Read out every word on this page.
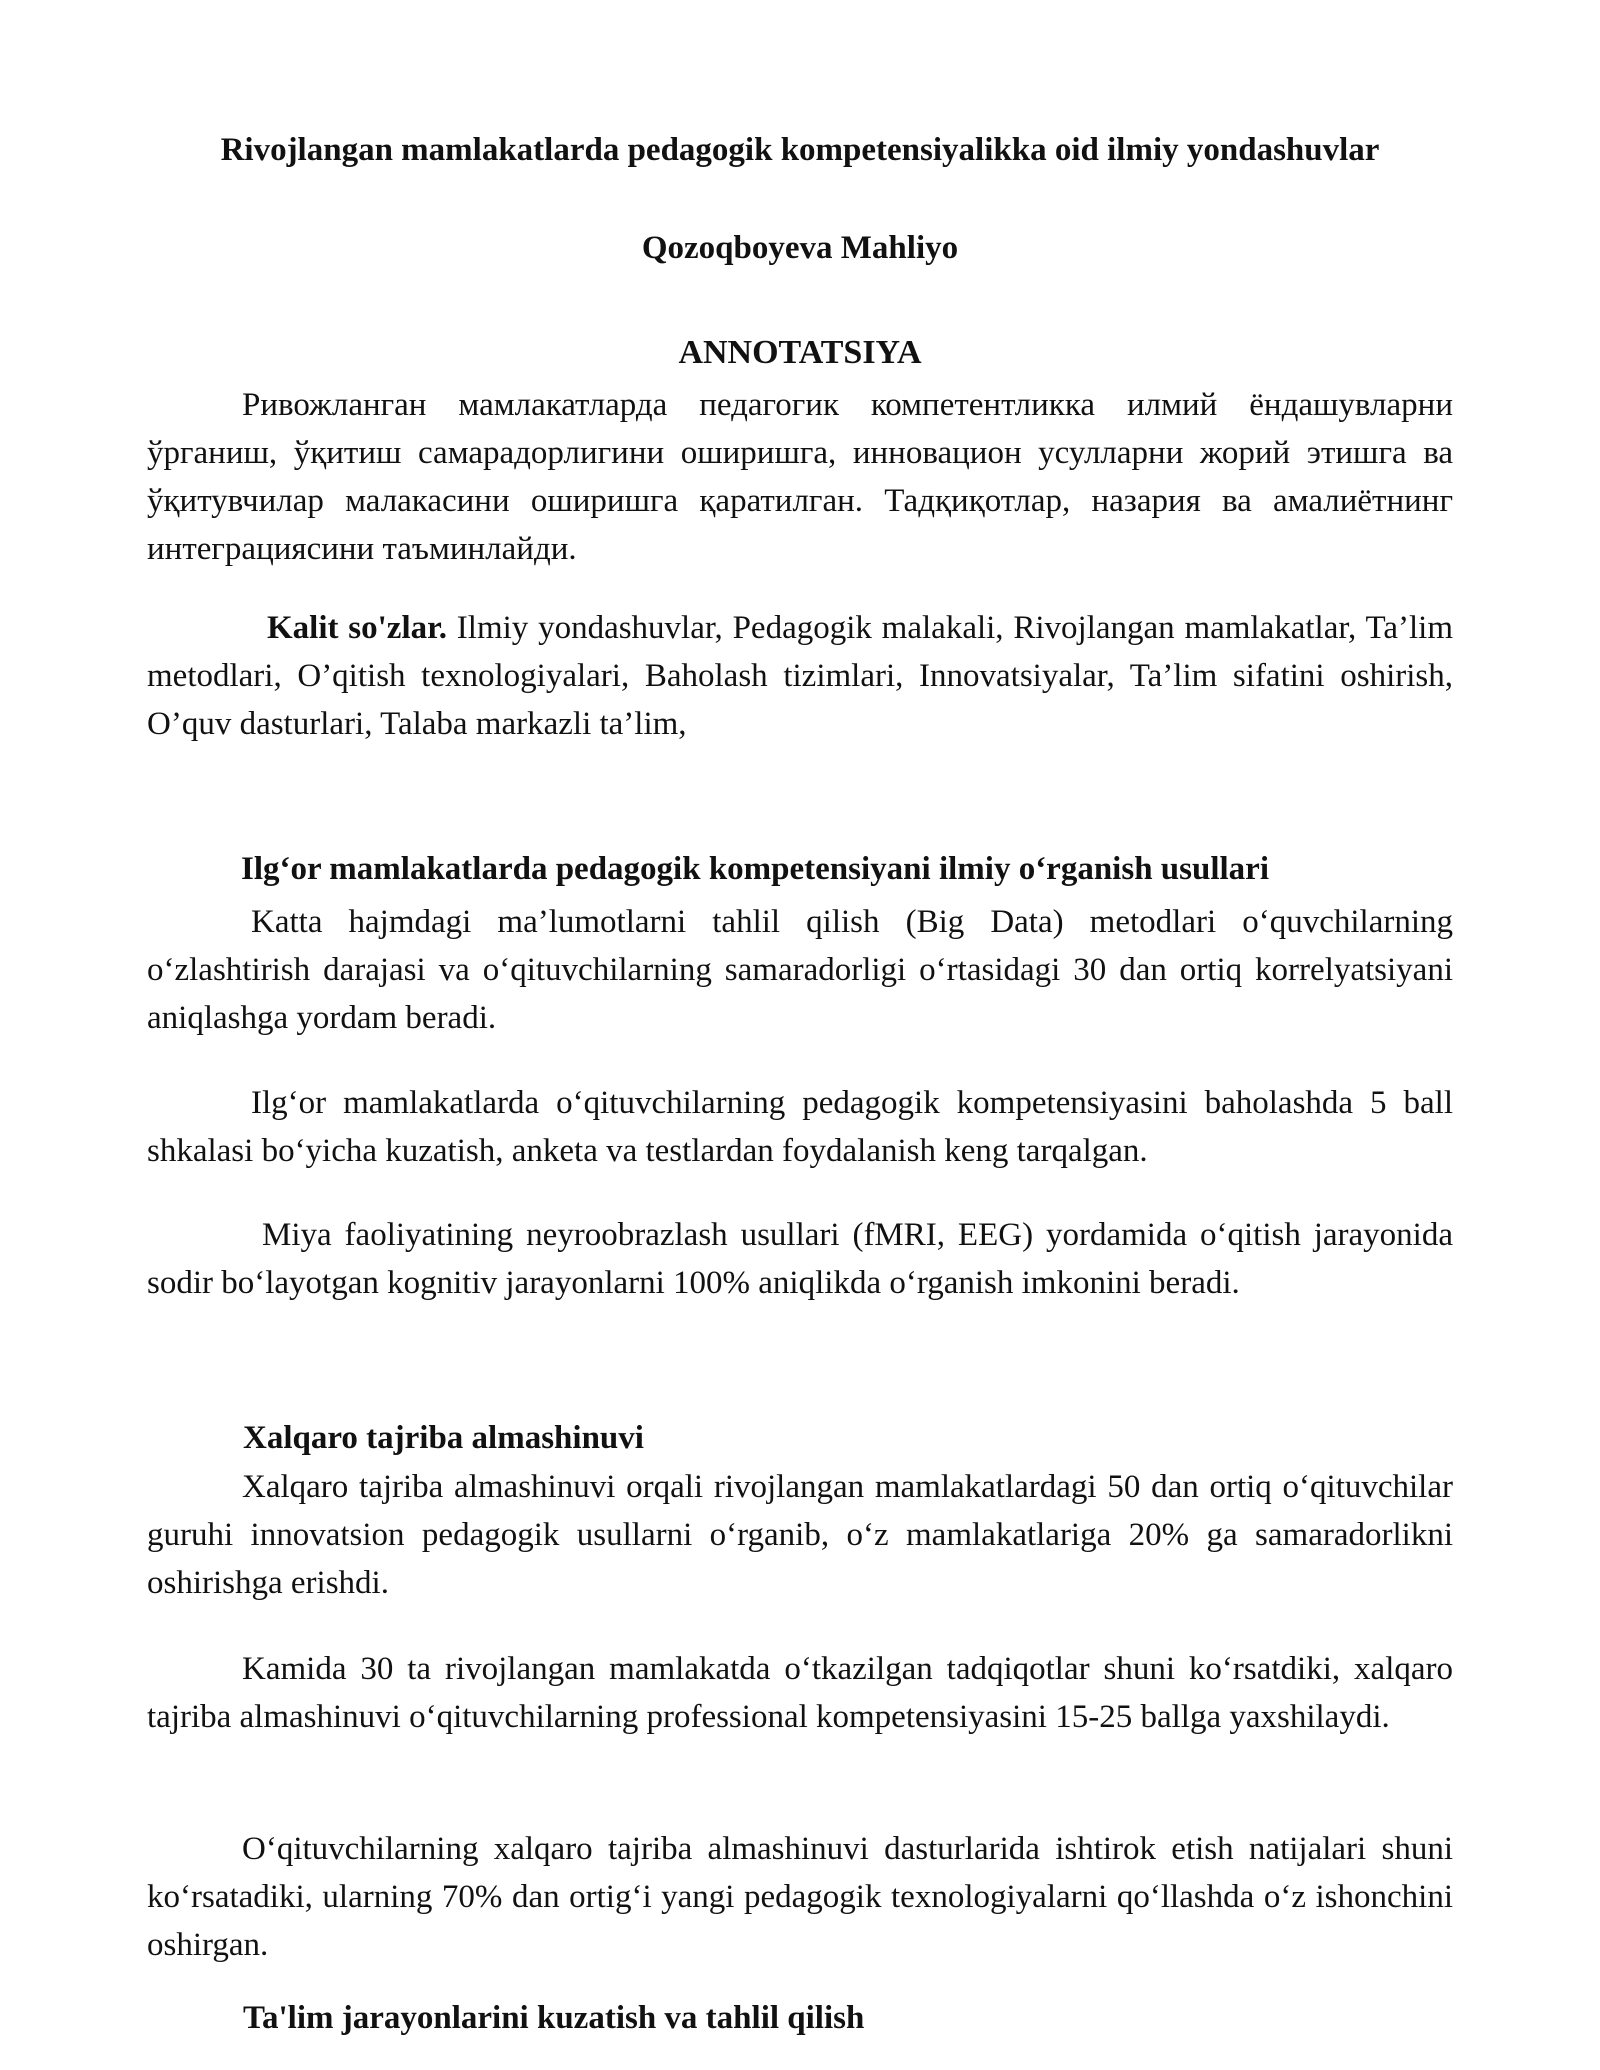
Rivojlangan mamlakatlarda pedagogik kompetensiyalikka oid ilmiy yondashuvlar
Qozoqboyeva Mahliyo
ANNOTATSIYA
Ривожланган мамлакатларда педагогик компетентликка илмий ёндашувларни ўрганиш, ўқитиш самарадорлигини оширишга, инновацион усулларни жорий этишга ва ўқитувчилар малакасини оширишга қаратилган. Тадқиқотлар, назария ва амалиётнинг интеграциясини таъминлайди.
Kalit so'zlar. Ilmiy yondashuvlar, Pedagogik malakali, Rivojlangan mamlakatlar, Ta’lim metodlari, O’qitish texnologiyalari, Baholash tizimlari, Innovatsiyalar, Ta’lim sifatini oshirish, O’quv dasturlari, Talaba markazli ta’lim,
Ilgʻor mamlakatlarda pedagogik kompetensiyani ilmiy oʻrganish usullari
Katta hajmdagi ma’lumotlarni tahlil qilish (Big Data) metodlari oʻquvchilarning oʻzlashtirish darajasi va oʻqituvchilarning samaradorligi oʻrtasidagi 30 dan ortiq korrelyatsiyani aniqlashga yordam beradi.
Ilgʻor mamlakatlarda oʻqituvchilarning pedagogik kompetensiyasini baholashda 5 ball shkalasi boʻyicha kuzatish, anketa va testlardan foydalanish keng tarqalgan.
Miya faoliyatining neyroobrazlash usullari (fMRI, EEG) yordamida oʻqitish jarayonida sodir boʻlayotgan kognitiv jarayonlarni 100% aniqlikda oʻrganish imkonini beradi.
Xalqaro tajriba almashinuvi
Xalqaro tajriba almashinuvi orqali rivojlangan mamlakatlardagi 50 dan ortiq oʻqituvchilar guruhi innovatsion pedagogik usullarni oʻrganib, oʻz mamlakatlariga 20% ga samaradorlikni oshirishga erishdi.
Kamida 30 ta rivojlangan mamlakatda oʻtkazilgan tadqiqotlar shuni koʻrsatdiki, xalqaro tajriba almashinuvi oʻqituvchilarning professional kompetensiyasini 15-25 ballga yaxshilaydi.
Oʻqituvchilarning xalqaro tajriba almashinuvi dasturlarida ishtirok etish natijalari shuni koʻrsatadiki, ularning 70% dan ortigʻi yangi pedagogik texnologiyalarni qoʻllashda oʻz ishonchini oshirgan.
Ta'lim jarayonlarini kuzatish va tahlil qilish
